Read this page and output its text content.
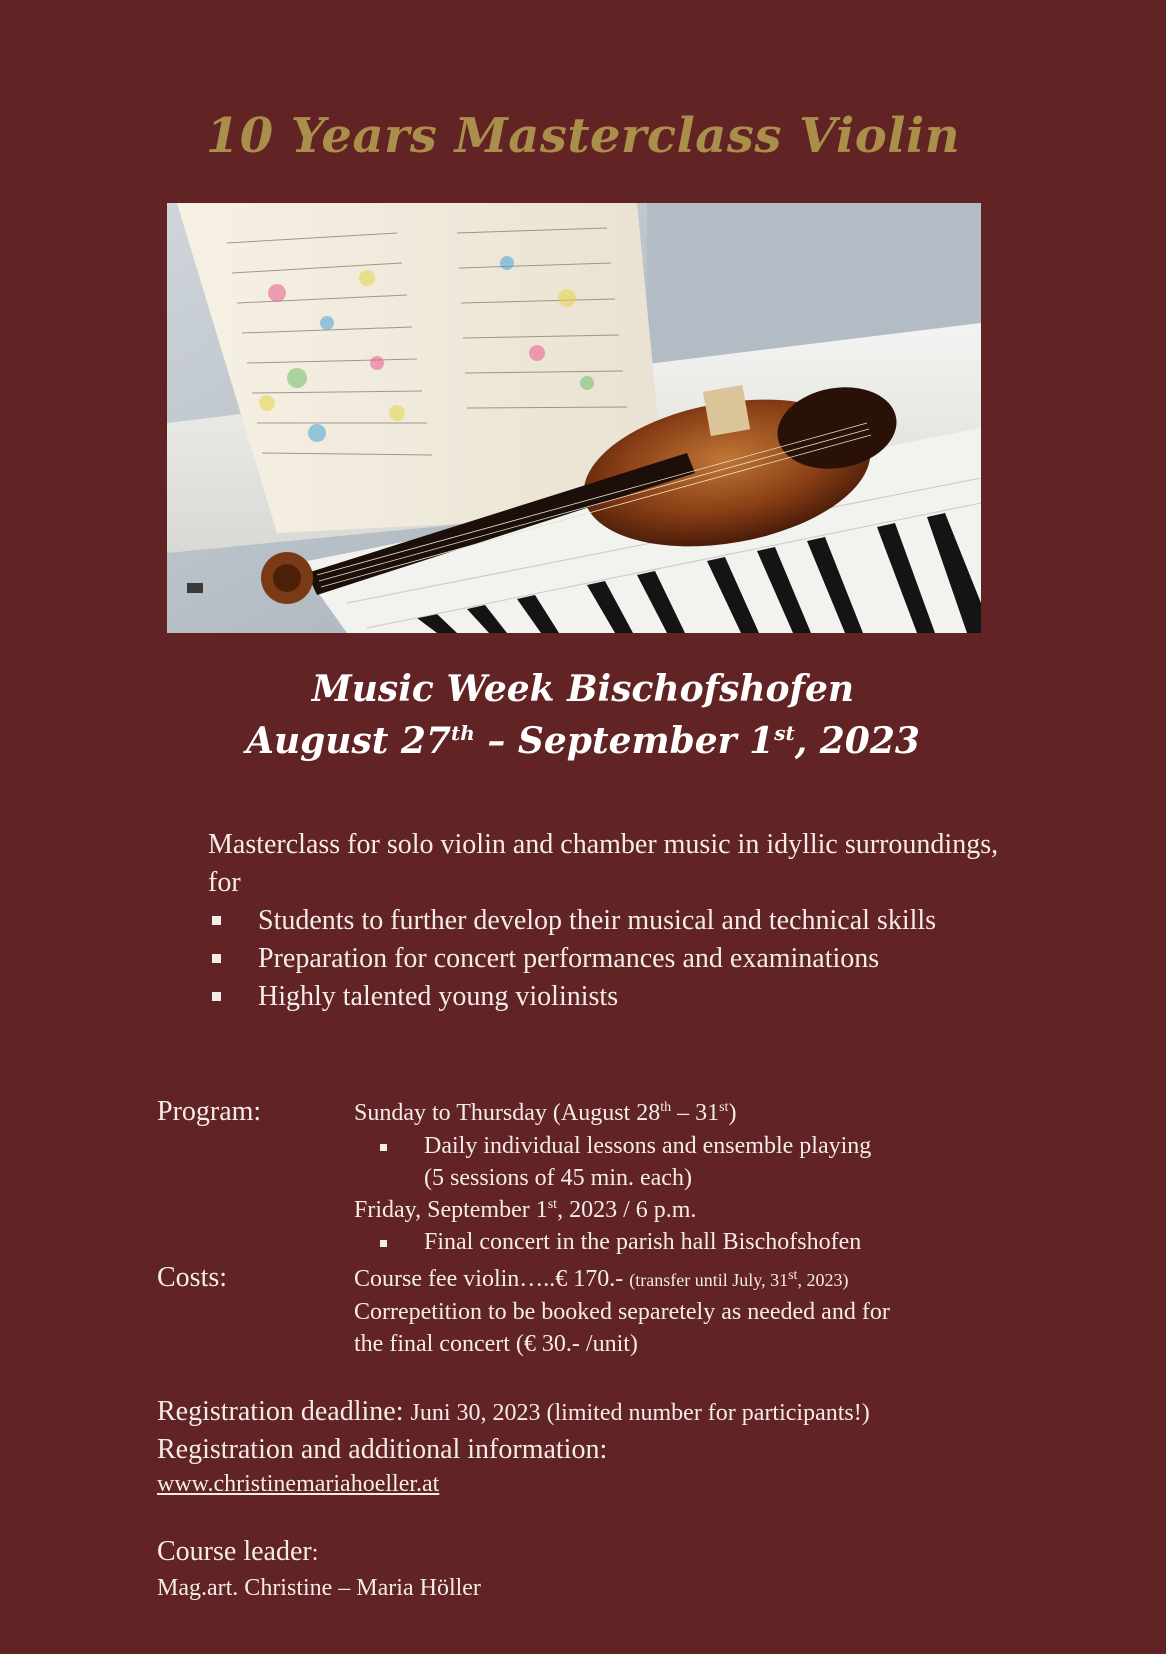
10 Years Masterclass Violin
Music Week Bischofshofen
August 27th – September 1st, 2023
Masterclass for solo violin and chamber music in idyllic surroundings, for
Students to further develop their musical and technical skills
Preparation for concert performances and examinations
Highly talented young violinists
Program:	Sunday to Thursday (August 28th – 31st)
Daily individual lessons and ensemble playing
(5 sessions of 45 min. each)
Friday, September 1st, 2023 / 6 p.m.
Final concert in the parish hall Bischofshofen
Costs:	Course fee violin…..€ 170.- (transfer until July, 31st, 2023)
Correpetition to be booked separetely as needed and for
the final concert (€ 30.- /unit)
Registration deadline: Juni 30, 2023 (limited number for participants!)
Registration and additional information:
www.christinemariahoeller.at
Course leader:
Mag.art. Christine – Maria Höller
